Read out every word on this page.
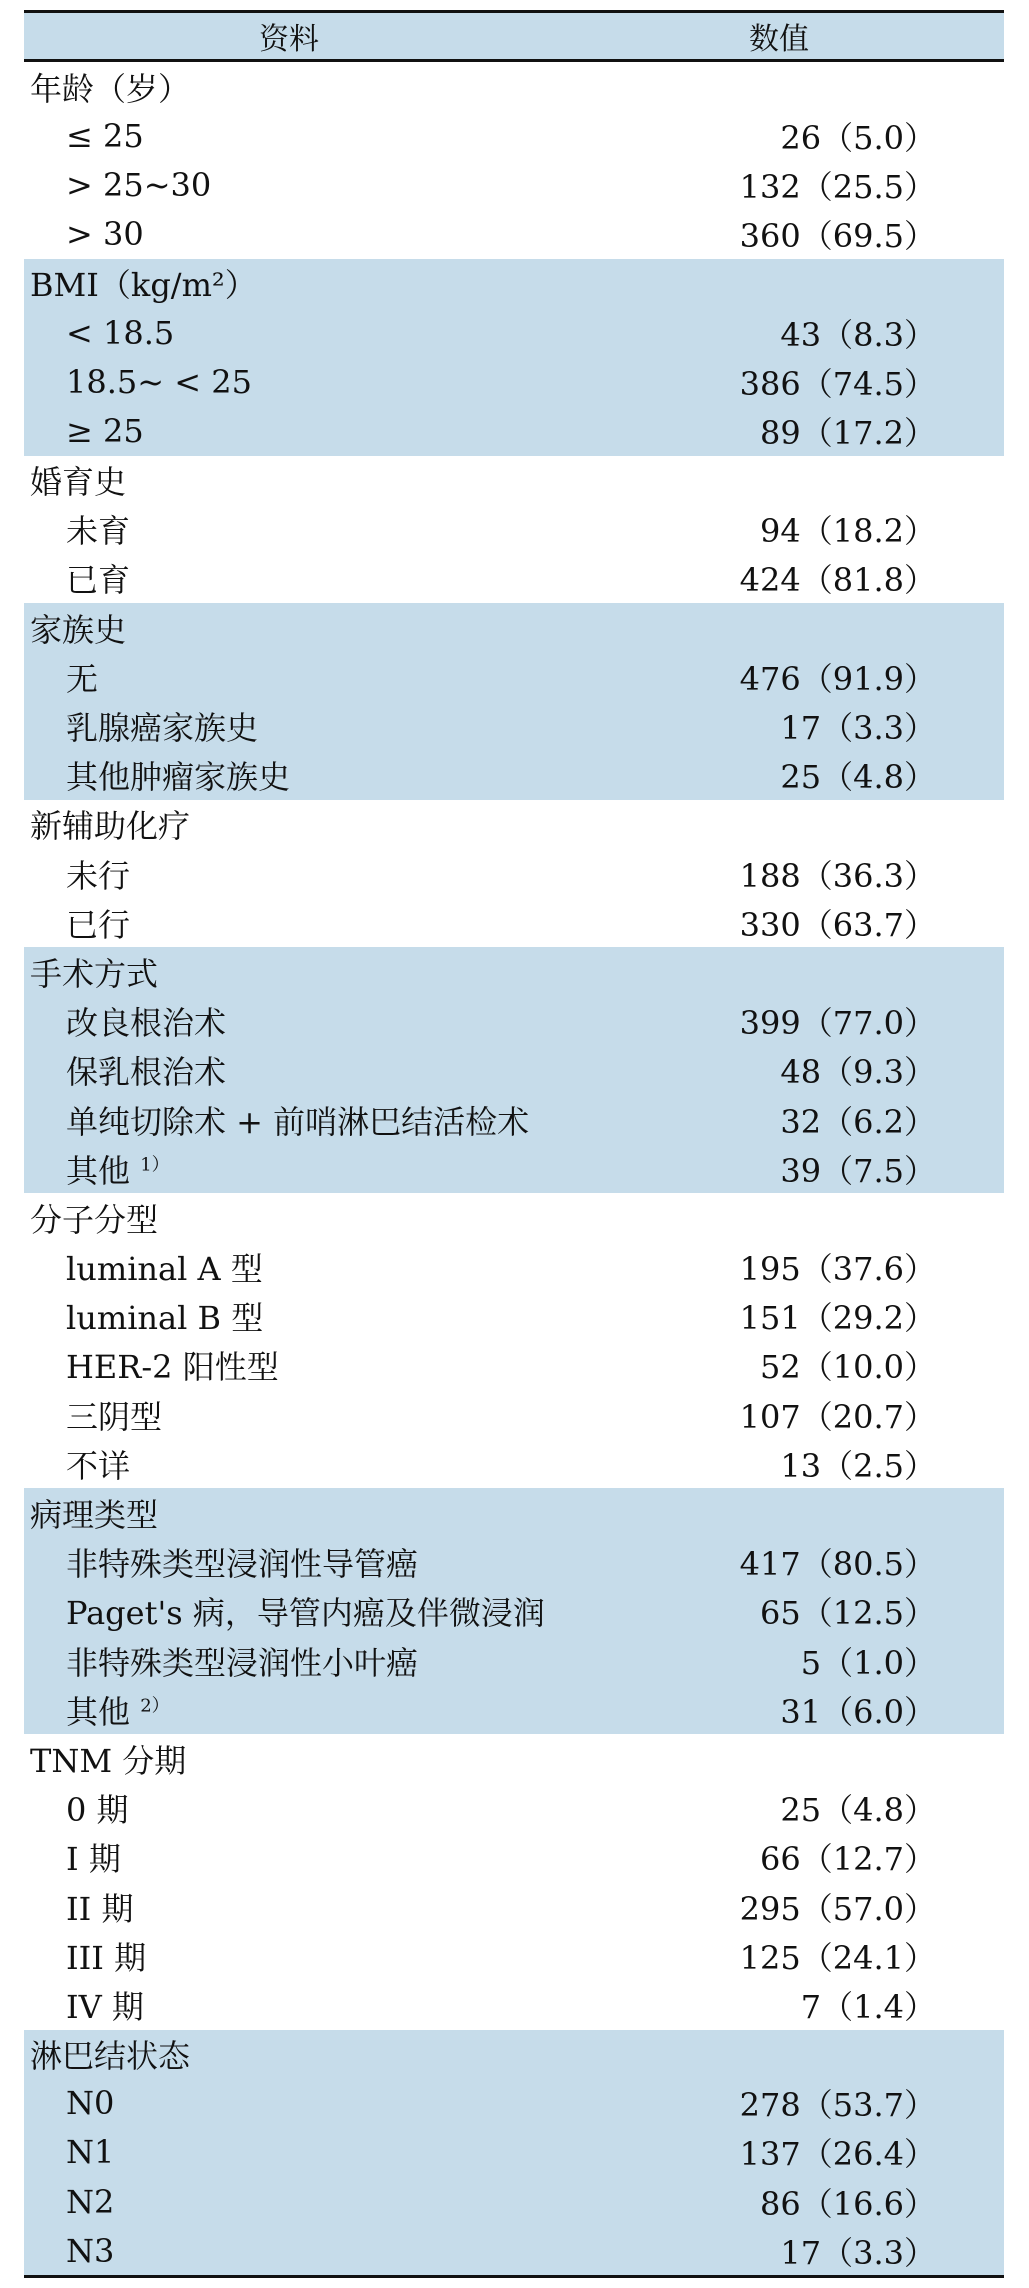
资料	数值
年龄（岁）
≤ 25	26（5.0）
> 25~30	132（25.5）
> 30	360（69.5）
BMI（kg/m²）
< 18.5	43（8.3）
18.5~ < 25	386（74.5）
≥ 25	89（17.2）
婚育史
未育	94（18.2）
已育	424（81.8）
家族史
无	476（91.9）
乳腺癌家族史	17（3.3）
其他肿瘤家族史	25（4.8）
新辅助化疗
未行	188（36.3）
已行	330（63.7）
手术方式
改良根治术	399（77.0）
保乳根治术	48（9.3）
单纯切除术 + 前哨淋巴结活检术	32（6.2）
其他 $^{1)}$	39（7.5）
分子分型
luminal A 型	195（37.6）
luminal B 型	151（29.2）
HER-2 阳性型	52（10.0）
三阴型	107（20.7）
不详	13（2.5）
病理类型
非特殊类型浸润性导管癌	417（80.5）
Paget's 病，导管内癌及伴微浸润	65（12.5）
非特殊类型浸润性小叶癌	5（1.0）
其他 $^{2)}$	31（6.0）
TNM 分期
0 期	25（4.8）
I 期	66（12.7）
II 期	295（57.0）
III 期	125（24.1）
IV 期	7（1.4）
淋巴结状态
N0	278（53.7）
N1	137（26.4）
N2	86（16.6）
N3	17（3.3）
